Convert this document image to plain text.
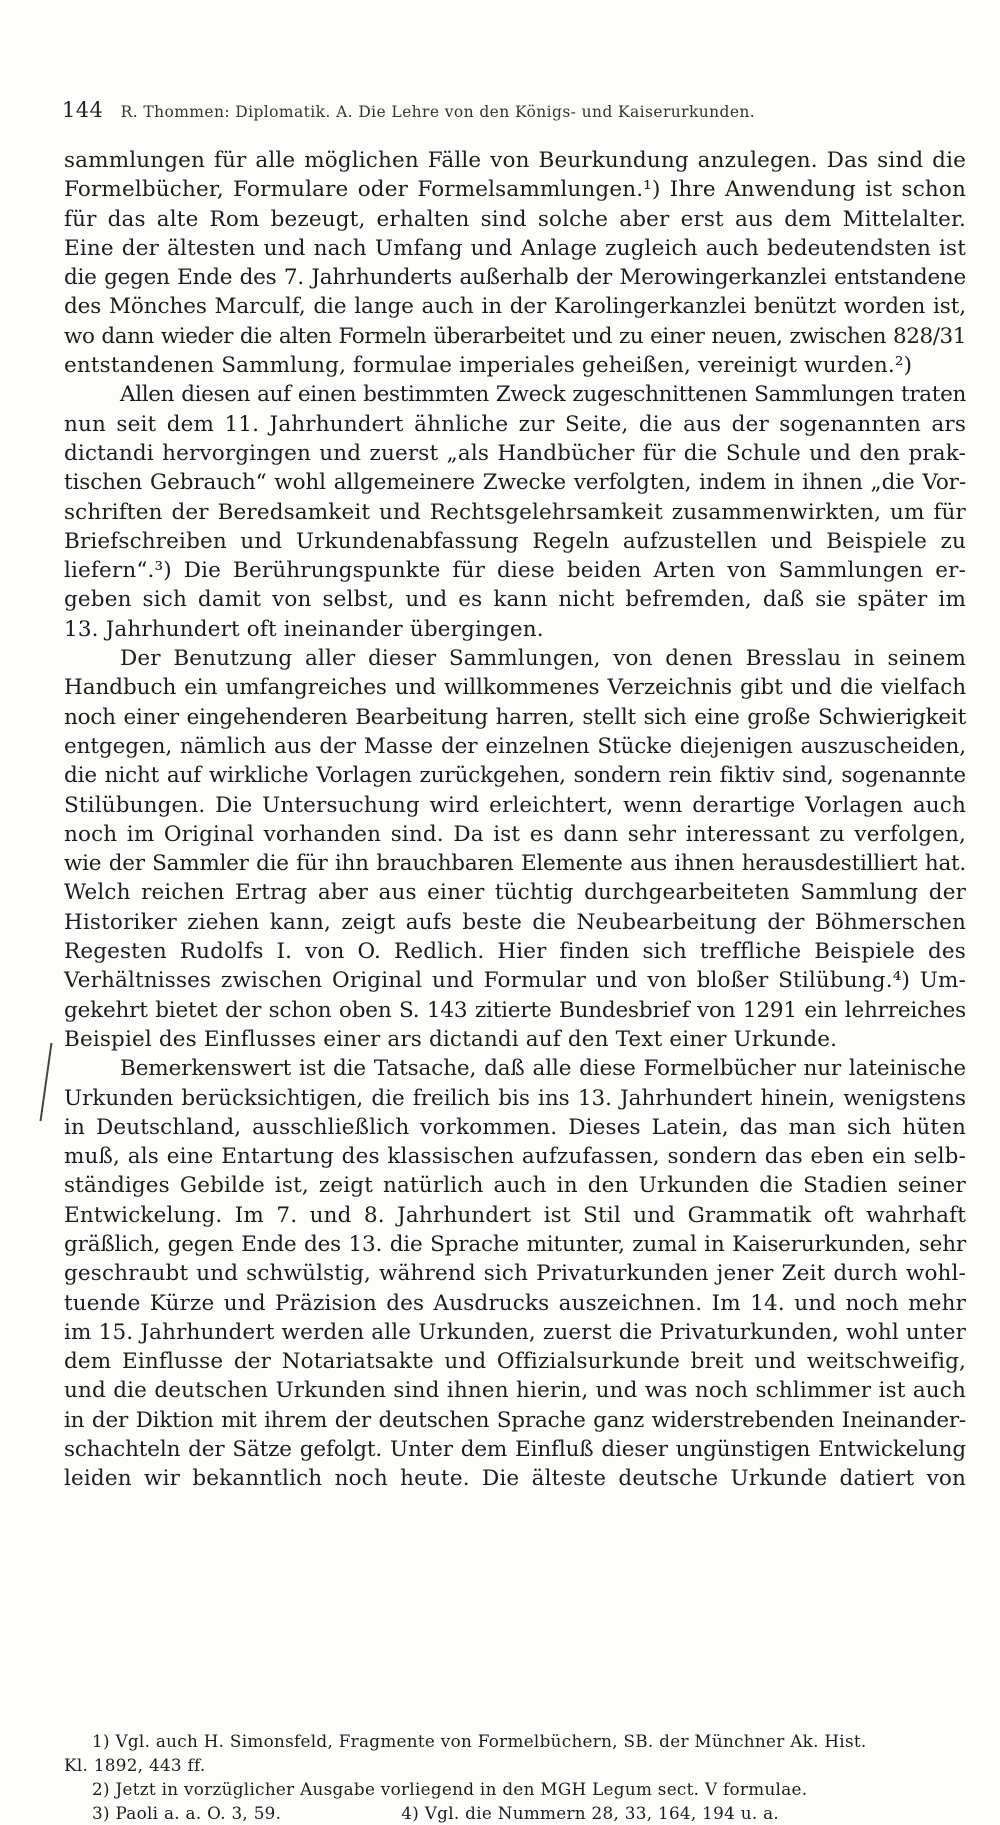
144 R. Thommen: Diplomatik. A. Die Lehre von den Königs- und Kaiserurkunden.

sammlungen für alle möglichen Fälle von Beurkundung anzulegen. Das sind die
Formelbücher, Formulare oder Formelsammlungen.¹) Ihre Anwendung ist schon
für das alte Rom bezeugt, erhalten sind solche aber erst aus dem Mittelalter.
Eine der ältesten und nach Umfang und Anlage zugleich auch bedeutendsten ist
die gegen Ende des 7. Jahrhunderts außerhalb der Merowingerkanzlei entstandene
des Mönches Marculf, die lange auch in der Karolingerkanzlei benützt worden ist,
wo dann wieder die alten Formeln überarbeitet und zu einer neuen, zwischen 828/31
entstandenen Sammlung, formulae imperiales geheißen, vereinigt wurden.²)

Allen diesen auf einen bestimmten Zweck zugeschnittenen Sammlungen traten
nun seit dem 11. Jahrhundert ähnliche zur Seite, die aus der sogenannten ars
dictandi hervorgingen und zuerst „als Handbücher für die Schule und den prak-
tischen Gebrauch“ wohl allgemeinere Zwecke verfolgten, indem in ihnen „die Vor-
schriften der Beredsamkeit und Rechtsgelehrsamkeit zusammenwirkten, um für
Briefschreiben und Urkundenabfassung Regeln aufzustellen und Beispiele zu
liefern“.³) Die Berührungspunkte für diese beiden Arten von Sammlungen er-
geben sich damit von selbst, und es kann nicht befremden, daß sie später im
13. Jahrhundert oft ineinander übergingen.

Der Benutzung aller dieser Sammlungen, von denen Bresslau in seinem
Handbuch ein umfangreiches und willkommenes Verzeichnis gibt und die vielfach
noch einer eingehenderen Bearbeitung harren, stellt sich eine große Schwierigkeit
entgegen, nämlich aus der Masse der einzelnen Stücke diejenigen auszuscheiden,
die nicht auf wirkliche Vorlagen zurückgehen, sondern rein fiktiv sind, sogenannte
Stilübungen. Die Untersuchung wird erleichtert, wenn derartige Vorlagen auch
noch im Original vorhanden sind. Da ist es dann sehr interessant zu verfolgen,
wie der Sammler die für ihn brauchbaren Elemente aus ihnen herausdestilliert hat.
Welch reichen Ertrag aber aus einer tüchtig durchgearbeiteten Sammlung der
Historiker ziehen kann, zeigt aufs beste die Neubearbeitung der Böhmerschen
Regesten Rudolfs I. von O. Redlich. Hier finden sich treffliche Beispiele des
Verhältnisses zwischen Original und Formular und von bloßer Stilübung.⁴) Um-
gekehrt bietet der schon oben S. 143 zitierte Bundesbrief von 1291 ein lehrreiches
Beispiel des Einflusses einer ars dictandi auf den Text einer Urkunde.

Bemerkenswert ist die Tatsache, daß alle diese Formelbücher nur lateinische
Urkunden berücksichtigen, die freilich bis ins 13. Jahrhundert hinein, wenigstens
in Deutschland, ausschließlich vorkommen. Dieses Latein, das man sich hüten
muß, als eine Entartung des klassischen aufzufassen, sondern das eben ein selb-
ständiges Gebilde ist, zeigt natürlich auch in den Urkunden die Stadien seiner
Entwickelung. Im 7. und 8. Jahrhundert ist Stil und Grammatik oft wahrhaft
gräßlich, gegen Ende des 13. die Sprache mitunter, zumal in Kaiserurkunden, sehr
geschraubt und schwülstig, während sich Privaturkunden jener Zeit durch wohl-
tuende Kürze und Präzision des Ausdrucks auszeichnen. Im 14. und noch mehr
im 15. Jahrhundert werden alle Urkunden, zuerst die Privaturkunden, wohl unter
dem Einflusse der Notariatsakte und Offizialsurkunde breit und weitschweifig,
und die deutschen Urkunden sind ihnen hierin, und was noch schlimmer ist auch
in der Diktion mit ihrem der deutschen Sprache ganz widerstrebenden Ineinander-
schachteln der Sätze gefolgt. Unter dem Einfluß dieser ungünstigen Entwickelung
leiden wir bekanntlich noch heute. Die älteste deutsche Urkunde datiert von

1) Vgl. auch H. Simonsfeld, Fragmente von Formelbüchern, SB. der Münchner Ak. Hist.
Kl. 1892, 443 ff.
2) Jetzt in vorzüglicher Ausgabe vorliegend in den MGH Legum sect. V formulae.
3) Paoli a. a. O. 3, 59.	4) Vgl. die Nummern 28, 33, 164, 194 u. a.
